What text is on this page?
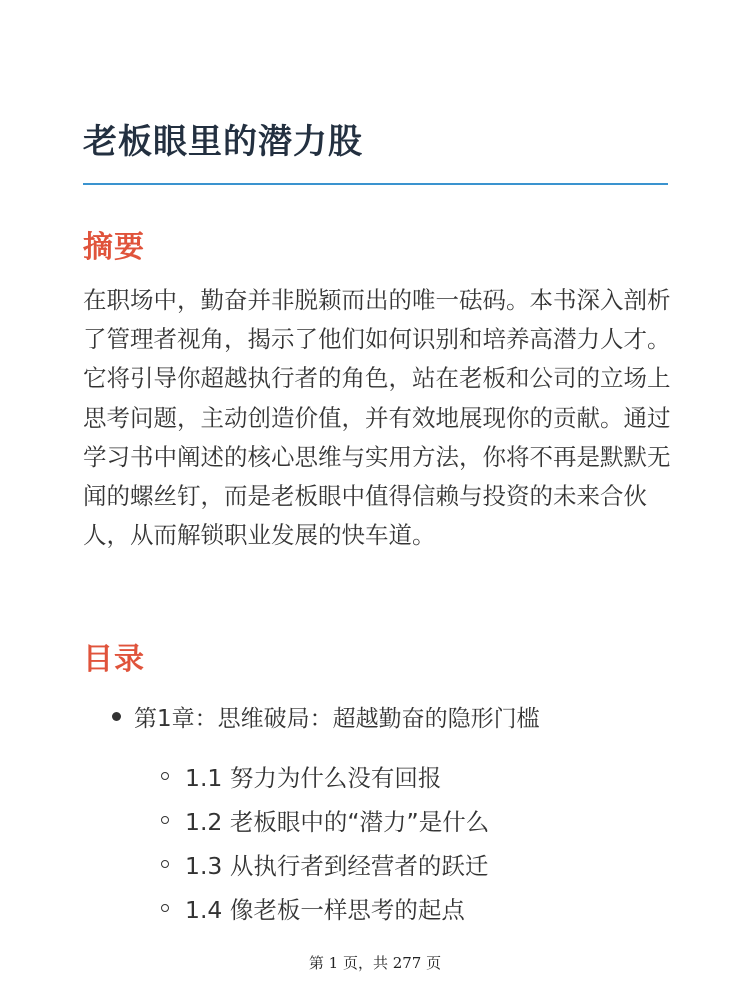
老板眼里的潜力股
摘要

在职场中，勤奋并非脱颖而出的唯一砝码。本书深入剖析了管理者视角，揭示了他们如何识别和培养高潜力人才。它将引导你超越执行者的角色，站在老板和公司的立场上思考问题，主动创造价值，并有效地展现你的贡献。通过学习书中阐述的核心思维与实用方法，你将不再是默默无闻的螺丝钉，而是老板眼中值得信赖与投资的未来合伙人，从而解锁职业发展的快车道。

目录
第1章：思维破局：超越勤奋的隐形门槛
1.1 努力为什么没有回报
1.2 老板眼中的“潜力”是什么
1.3 从执行者到经营者的跃迁
1.4 像老板一样思考的起点
第 1 页，共 277 页
